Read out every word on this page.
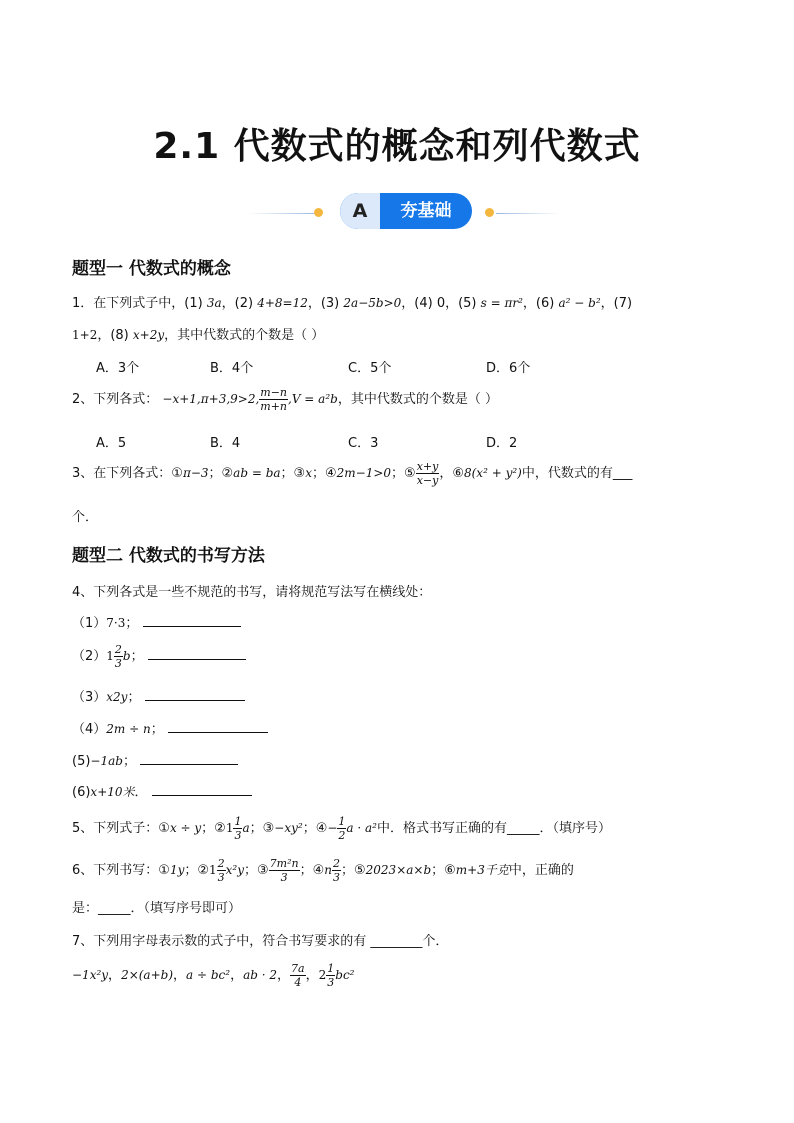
2.1 代数式的概念和列代数式
A	夯基础
题型一 代数式的概念
1．在下列式子中，(1) 3a，(2) 4+8=12，(3) 2a−5b>0，(4) 0，(5) s = πr²，(6) a² − b²，(7)
1+2，(8) x+2y，其中代数式的个数是（ ）
A．3个	B．4个	C．5个	D．6个
2、下列各式： −x+1,π+3,9>2, $\frac{m-n}{m+n} ,V = a^2b$，其中代数式的个数是（ ）
A．5	B．4	C．3	D．2
3、在下列各式：①π−3；②ab = ba；③x；④2m−1>0；⑤ $\frac{x+y}{x-y}$ ，⑥8(x² + y²)中，代数式的有___
个．
题型二 代数式的书写方法
4、下列各式是一些不规范的书写，请将规范写法写在横线处：
（1）7·3；
$(2)1 \frac{2}{3}$ b；
（3）x2y；
（4）2m ÷ n；
(5)−1ab；
(6)x+10米．
5、下列式子：①x ÷ y；②1 $\frac{1}{3}$ a；③−xy²；④− $\frac{1}{2}$ a · a²中．格式书写正确的有_____．（填序号）
6、下列书写：①1y；②1 $\frac{2}{3} x^2y$；③ $\frac{\text{7m²n}}{3}$ ；④n $\frac{2}{3}$ ；⑤2023×a×b；⑥m+3千克中，正确的
是：_____．（填写序号即可）
7、下列用字母表示数的式子中，符合书写要求的有 ________个．
−1x²y，2×(a+b)，a ÷ bc²，ab · 2， $\frac{7a}{4}$ ，$2 \frac{1}{3} bc^2$
